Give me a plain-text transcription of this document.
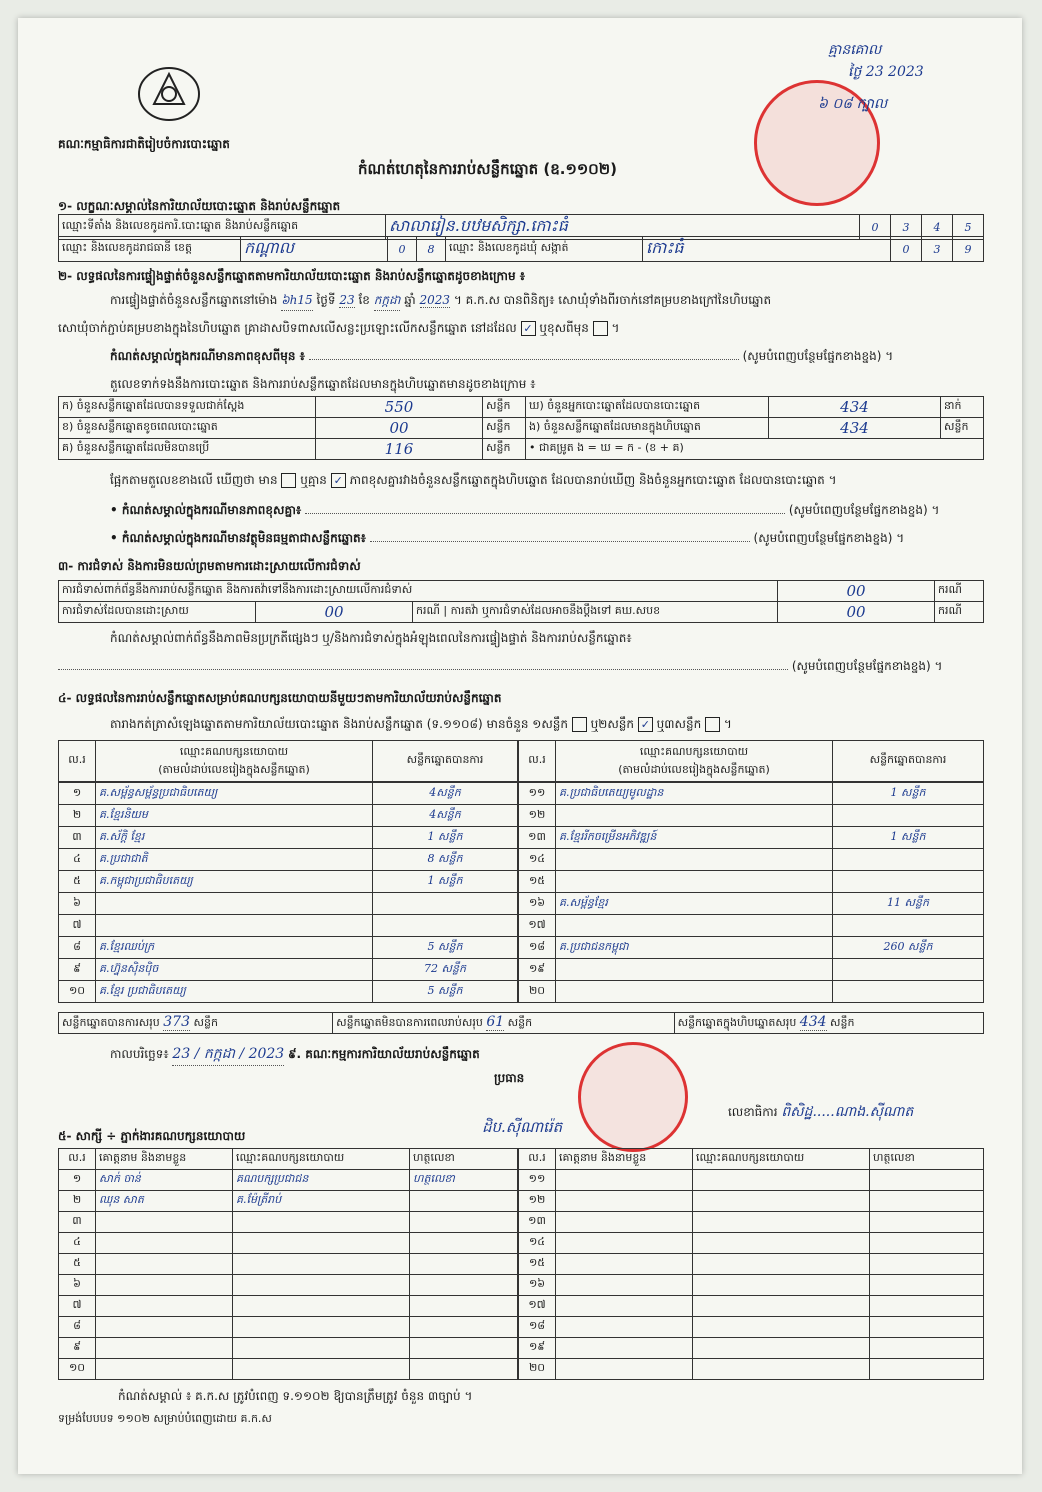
គណៈកម្មាធិការជាតិរៀបចំការបោះឆ្នោត
កំណត់ហេតុនៃការរាប់សន្លឹកឆ្នោត (ឧ.១១០២)
គ្មានគោល
ថ្ងៃ 23 2023
៦ ០៨ ក្បាល
១- លក្ខណៈសម្គាល់នៃការិយាល័យបោះឆ្នោត និងរាប់សន្លឹកឆ្នោត
ឈ្មោះទីតាំង និងលេខកូដការិ.បោះឆ្នោត និងរាប់សន្លឹកឆ្នោត	សាលារៀន.បឋមសិក្សា.កោះធំ	0	3	4	5
ឈ្មោះ និងលេខកូដរាជធានី ខេត្ត	កណ្ដាល	0	8	ឈ្មោះ និងលេខកូដឃុំ សង្កាត់	កោះធំ	0	3	9
២- លទ្ធផលនៃការផ្ទៀងផ្ទាត់ចំនួនសន្លឹកឆ្នោតតាមការិយាល័យបោះឆ្នោត និងរាប់សន្លឹកឆ្នោតដូចខាងក្រោម ៖
ការផ្ទៀងផ្ទាត់ចំនួនសន្លឹកឆ្នោតនៅម៉ោង ៦h15 ថ្ងៃទី 23 ខែ កក្កដា ឆ្នាំ 2023 ។ គ.ក.ស បានពិនិត្យ៖ សោឃុំទាំងពីរចាក់នៅគម្របខាងក្រៅនៃហិបឆ្នោត
សោឃុំចាក់ភ្ជាប់គម្របខាងក្នុងនៃហិបឆ្នោត គ្រាដាសបិទពាសលើសន្លះប្រឡោះលើកសន្លឹកឆ្នោត នៅដដែល ✓ ឬខុសពីមុន  ។
កំណត់សម្គាល់ក្នុងករណីមានភាពខុសពីមុន ៖	(សូមបំពេញបន្ថែមផ្នែកខាងខ្នង) ។
តួលេខទាក់ទងនឹងការបោះឆ្នោត និងការរាប់សន្លឹកឆ្នោតដែលមានក្នុងហិបឆ្នោតមានដូចខាងក្រោម ៖
ក) ចំនួនសន្លឹកឆ្នោតដែលបានទទួលជាក់ស្ដែង	550	សន្លឹក	ឃ) ចំនួនអ្នកបោះឆ្នោតដែលបានបោះឆ្នោត	434	នាក់
ខ) ចំនួនសន្លឹកឆ្នោតខូចពេលបោះឆ្នោត	00	សន្លឹក	ង) ចំនួនសន្លឹកឆ្នោតដែលមានក្នុងហិបឆ្នោត	434	សន្លឹក
គ) ចំនួនសន្លឹកឆ្នោតដែលមិនបានប្រើ	116	សន្លឹក	• ជាគម្រូត ង = ឃ = ក - (ខ + គ)		
ផ្អែកតាមតួលេខខាងលើ ឃើញថា មាន ឬគ្មាន ✓ ភាពខុសគ្នារវាងចំនួនសន្លឹកឆ្នោតក្នុងហិបឆ្នោត ដែលបានរាប់ឃើញ និងចំនួនអ្នកបោះឆ្នោត ដែលបានបោះឆ្នោត ។
• កំណត់សម្គាល់ក្នុងករណីមានភាពខុសគ្នា៖	(សូមបំពេញបន្ថែមផ្នែកខាងខ្នង) ។
• កំណត់សម្គាល់ក្នុងករណីមានវត្ថុមិនធម្មតាជាសន្លឹកឆ្នោត៖	(សូមបំពេញបន្ថែមផ្នែកខាងខ្នង) ។
៣- ការជំទាស់ និងការមិនយល់ព្រមតាមការដោះស្រាយលើការជំទាស់
ការជំទាស់ពាក់ព័ន្ធនឹងការរាប់សន្លឹកឆ្នោត និងការតវ៉ាទៅនឹងការដោះស្រាយលើការជំទាស់			00	ករណី
ការជំទាស់ដែលបានដោះស្រាយ	00	ករណី | ការតវ៉ា ឬការជំទាស់ដែលអាចនឹងប្ដឹងទៅ គឃ.សបខ	00	ករណី
កំណត់សម្គាល់ពាក់ព័ន្ធនឹងភាពមិនប្រក្រតីផ្សេងៗ ឬ/និងការជំទាស់ក្នុងអំឡុងពេលនៃការផ្ទៀងផ្ទាត់ និងការរាប់សន្លឹកឆ្នោត៖
(សូមបំពេញបន្ថែមផ្នែកខាងខ្នង) ។
៤- លទ្ធផលនៃការរាប់សន្លឹកឆ្នោតសម្រាប់គណបក្សនយោបាយនីមួយៗតាមការិយាល័យរាប់សន្លឹកឆ្នោត
តារាងកត់ត្រាសំឡេងឆ្នោតតាមការិយាល័យបោះឆ្នោត និងរាប់សន្លឹកឆ្នោត (ទ.១១០៨) មានចំនួន ១សន្លឹក ឬ២សន្លឹក ✓ ឬ៣សន្លឹក  ។
ល.រ	ឈ្មោះគណបក្សនយោបាយ
(តាមលំដាប់លេខរៀងក្នុងសន្លឹកឆ្នោត)	សន្លឹកឆ្នោតបានការ
១	គ.សម្ព័ន្ធសម្ព័ន្ធប្រជាធិបតេយ្យ	4សន្លឹក
២	គ.ខ្មែរនិយម	4សន្លឹក
៣	គ.ស័ក្ដិ ខ្មែរ	1 សន្លឹក
៤	គ.ប្រជាជាតិ	8 សន្លឹក
៥	គ.កម្ពុជាប្រជាធិបតេយ្យ	1 សន្លឹក
៦		
៧		
៨	គ.ខ្មែរឈប់ក្រ	5 សន្លឹក
៩	គ.ហ្វ៊ុនស៊ិនប៉ិច	72 សន្លឹក
១០	គ.ខ្មែរ ប្រជាធិបតេយ្យ	5 សន្លឹក
ល.រ	ឈ្មោះគណបក្សនយោបាយ
(តាមលំដាប់លេខរៀងក្នុងសន្លឹកឆ្នោត)	សន្លឹកឆ្នោតបានការ
១១	គ.ប្រជាធិបតេយ្យមូលដ្ឋាន	1 សន្លឹក
១២		
១៣	គ.ខ្មែររីកចម្រើនអភិវឌ្ឍន៍	1 សន្លឹក
១៤		
១៥		
១៦	គ.សម្ព័ន្ធខ្មែរ	11 សន្លឹក
១៧		
១៨	គ.ប្រជាជនកម្ពុជា	260 សន្លឹក
១៩		
២០		
សន្លឹកឆ្នោតបានការសរុប 373 សន្លឹក	សន្លឹកឆ្នោតមិនបានការពេលរាប់សរុប 61 សន្លឹក	សន្លឹកឆ្នោតក្នុងហិបឆ្នោតសរុប 434 សន្លឹក
កាលបរិច្ឆេទ៖ 23 / កក្កដា / 2023 ៩. គណៈកម្មការការិយាល័យរាប់សន្លឹកឆ្នោត
ប្រធាន
ដិប.ស៊ីណារ៉េត
លេខាធិការ ពិសិដ្ឋ.....ណាង.ស៊ីណាត
៥- សាក្សី ÷ ភ្នាក់ងារគណបក្សនយោបាយ
ល.រ	គោត្តនាម និងនាមខ្លួន	ឈ្មោះគណបក្សនយោបាយ	ហត្ថលេខា
១	សាក់ ចាន់	គណបក្សប្រជាជន	ហត្ថលេខា
២	ឈុន សាត	គ.ម៉ែត្រីរាប់	
៣			
៤			
៥			
៦			
៧			
៨			
៩			
១០			
ល.រ	គោត្តនាម និងនាមខ្លួន	ឈ្មោះគណបក្សនយោបាយ	ហត្ថលេខា
១១			
១២			
១៣			
១៤			
១៥			
១៦			
១៧			
១៨			
១៩			
២០			
កំណត់សម្គាល់ ៖ គ.ក.ស ត្រូវបំពេញ ទ.១១០២ ឱ្យបានត្រឹមត្រូវ ចំនួន ៣ច្បាប់ ។
ទម្រង់បែបបទ ១១០២ សម្រាប់បំពេញដោយ គ.ក.ស
